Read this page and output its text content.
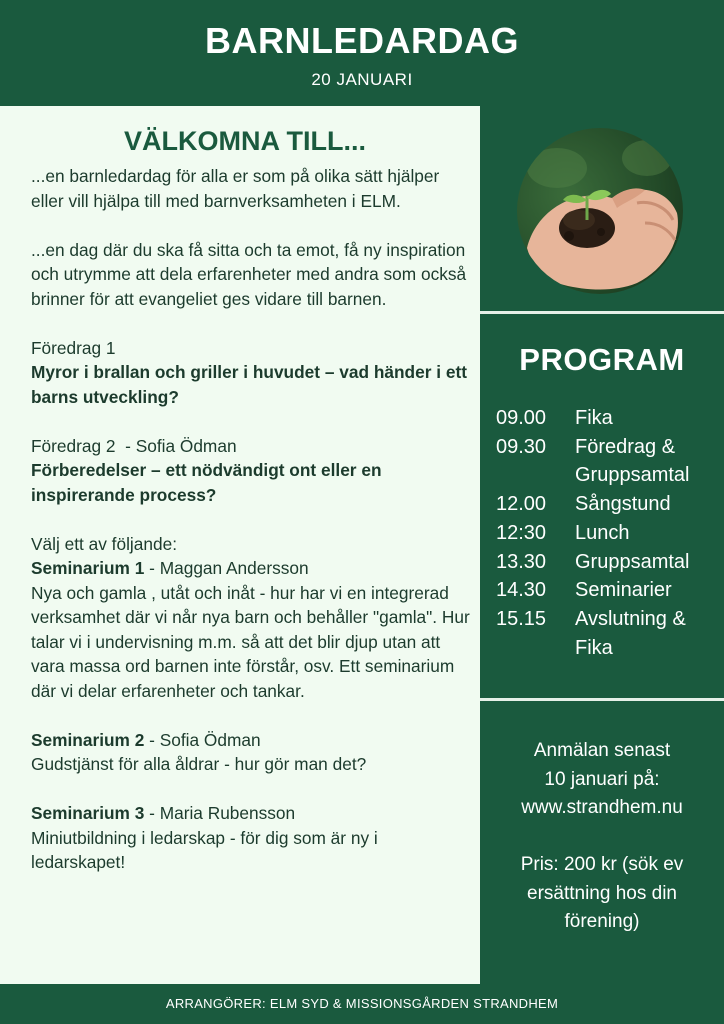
BARNLEDARDAG
20 JANUARI
VÄLKOMNA TILL...

...en barnledardag för alla er som på olika sätt hjälper eller vill hjälpa till med barnverksamheten i ELM.

...en dag där du ska få sitta och ta emot, få ny inspiration och utrymme att dela erfarenheter med andra som också brinner för att evangeliet ges vidare till barnen.

Föredrag 1

Myror i brallan och griller i huvudet – vad händer i ett barns utveckling?

Föredrag 2  - Sofia Ödman

Förberedelser – ett nödvändigt ont eller en inspirerande process?

Välj ett av följande:

Seminarium 1 - Maggan Andersson

Nya och gamla , utåt och inåt - hur har vi en integrerad verksamhet där vi når nya barn och behåller "gamla". Hur talar vi i undervisning m.m. så att det blir djup utan att vara massa ord barnen inte förstår, osv. Ett seminarium där vi delar erfarenheter och tankar.

Seminarium 2 - Sofia Ödman

Gudstjänst för alla åldrar - hur gör man det?

Seminarium 3 - Maria Rubensson

Miniutbildning i ledarskap - för dig som är ny i ledarskapet!

PROGRAM
09.00	Fika
09.30	Föredrag & Gruppsamtal
12.00	Sångstund
12:30	Lunch
13.30	Gruppsamtal
14.30	Seminarier
15.15	Avslutning & Fika
Anmälan senast
10 januari på:
www.strandhem.nu
Pris: 200 kr (sök ev ersättning hos din förening)
ARRANGÖRER: ELM SYD & MISSIONSGÅRDEN STRANDHEM
